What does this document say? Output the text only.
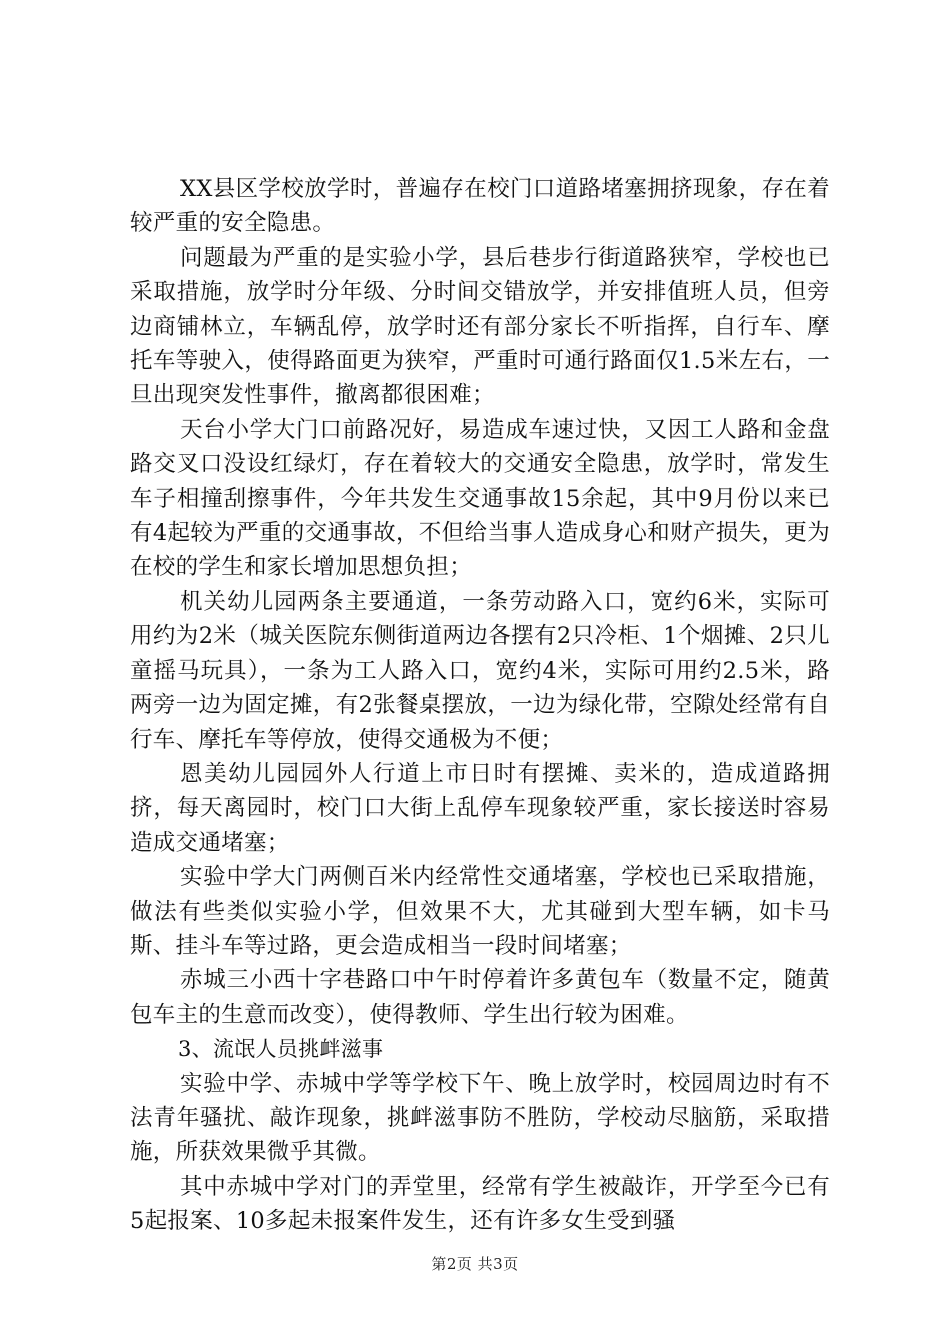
XX县区学校放学时，普遍存在校门口道路堵塞拥挤现象，存在着较严重的安全隐患。

问题最为严重的是实验小学，县后巷步行街道路狭窄，学校也已采取措施，放学时分年级、分时间交错放学，并安排值班人员，但旁边商铺林立，车辆乱停，放学时还有部分家长不听指挥，自行车、摩托车等驶入，使得路面更为狭窄，严重时可通行路面仅1.5米左右，一旦出现突发性事件，撤离都很困难；

天台小学大门口前路况好，易造成车速过快，又因工人路和金盘路交叉口没设红绿灯，存在着较大的交通安全隐患，放学时，常发生车子相撞刮擦事件，今年共发生交通事故15余起，其中9月份以来已有4起较为严重的交通事故，不但给当事人造成身心和财产损失，更为在校的学生和家长增加思想负担；

机关幼儿园两条主要通道，一条劳动路入口，宽约6米，实际可用约为2米（城关医院东侧街道两边各摆有2只冷柜、1个烟摊、2只儿童摇马玩具），一条为工人路入口，宽约4米，实际可用约2.5米，路两旁一边为固定摊，有2张餐桌摆放，一边为绿化带，空隙处经常有自行车、摩托车等停放，使得交通极为不便；

恩美幼儿园园外人行道上市日时有摆摊、卖米的，造成道路拥挤，每天离园时，校门口大街上乱停车现象较严重，家长接送时容易造成交通堵塞；

实验中学大门两侧百米内经常性交通堵塞，学校也已采取措施，做法有些类似实验小学，但效果不大，尤其碰到大型车辆，如卡马斯、挂斗车等过路，更会造成相当一段时间堵塞；

赤城三小西十字巷路口中午时停着许多黄包车（数量不定，随黄包车主的生意而改变），使得教师、学生出行较为困难。

3、流氓人员挑衅滋事

实验中学、赤城中学等学校下午、晚上放学时，校园周边时有不法青年骚扰、敲诈现象，挑衅滋事防不胜防，学校动尽脑筋，采取措施，所获效果微乎其微。

其中赤城中学对门的弄堂里，经常有学生被敲诈，开学至今已有5起报案、10多起未报案件发生，还有许多女生受到骚

第2页 共3页
